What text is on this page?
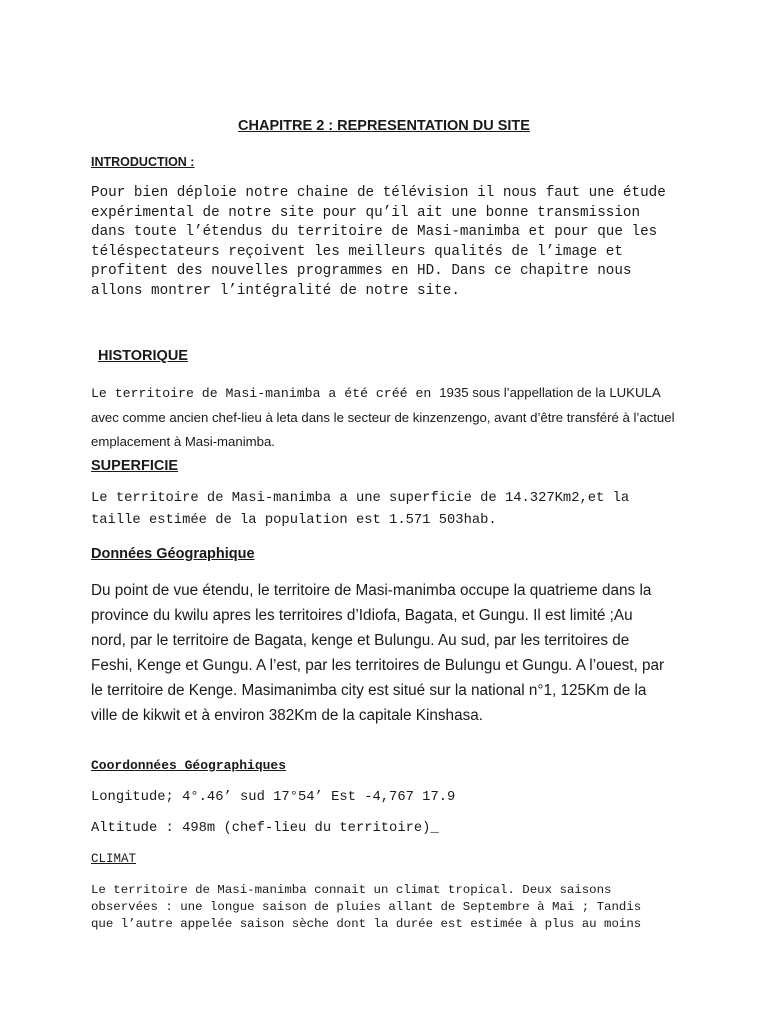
CHAPITRE 2 : REPRESENTATION DU SITE
INTRODUCTION :

Pour bien déploie notre chaine de télévision il nous faut une étude
expérimental de notre site pour qu’il ait une bonne transmission
dans toute l’étendus du territoire de Masi-manimba et pour que les
téléspectateurs reçoivent les meilleurs qualités de l’image et
profitent des nouvelles programmes en HD. Dans ce chapitre nous
allons montrer l’intégralité de notre site.

HISTORIQUE

Le territoire de Masi-manimba a été créé en 1935 sous l’appellation de la LUKULA avec comme ancien chef-lieu à leta dans le secteur de kinzenzengo, avant d’être transféré à l’actuel emplacement à Masi-manimba.

SUPERFICIE

Le territoire de Masi-manimba a une superficie de 14.327Km2,et la
taille estimée de la population est 1.571 503hab.

Données Géographique

Du point de vue étendu, le territoire de Masi-manimba occupe la quatrieme dans la province du kwilu apres les territoires d’Idiofa, Bagata, et Gungu. Il est limité ;Au nord, par le territoire de Bagata, kenge et Bulungu. Au sud, par les territoires de Feshi, Kenge et Gungu. A l’est, par les territoires de Bulungu et Gungu. A l’ouest, par le territoire de Kenge. Masimanimba city est situé sur la national n°1, 125Km de la ville de kikwit et à environ 382Km de la capitale Kinshasa.

Coordonnées Géographiques
Longitude; 4°.46’ sud 17°54’ Est -4,767 17.9
Altitude : 498m (chef-lieu du territoire)_
CLIMAT

Le territoire de Masi-manimba connait un climat tropical. Deux saisons
observées : une longue saison de pluies allant de Septembre à Mai ; Tandis
que l’autre appelée saison sèche dont la durée est estimée à plus au moins
